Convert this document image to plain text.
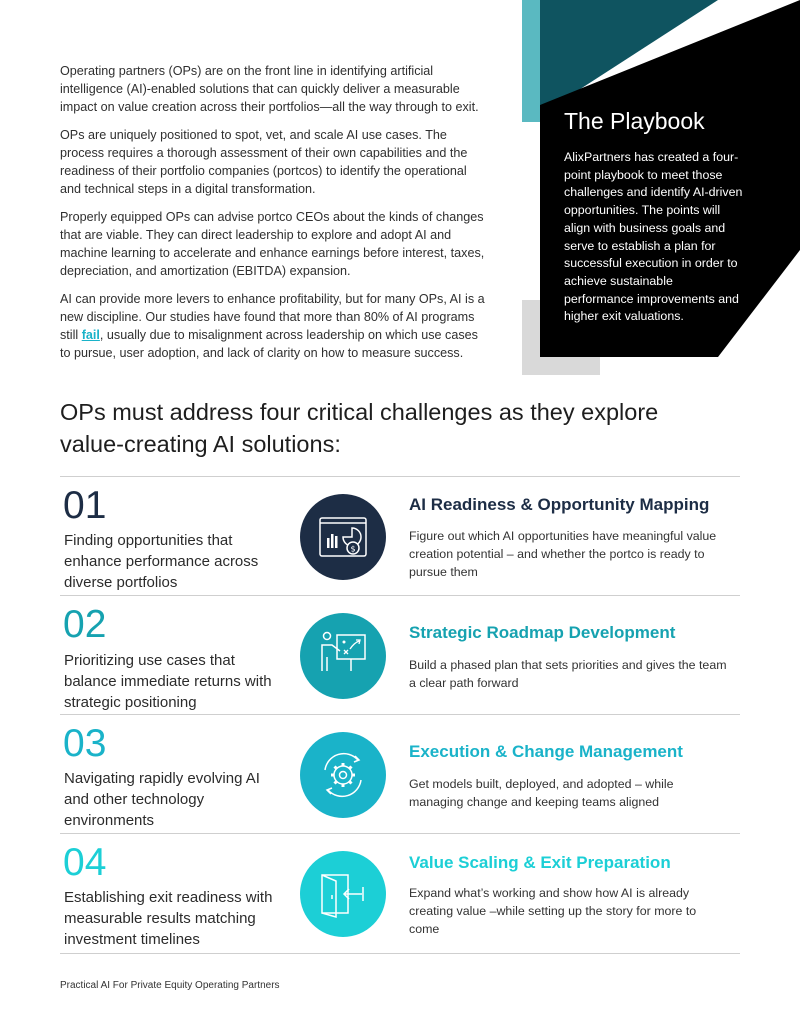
Operating partners (OPs) are on the front line in identifying artificial intelligence (AI)-enabled solutions that can quickly deliver a measurable impact on value creation across their portfolios—all the way through to exit.

OPs are uniquely positioned to spot, vet, and scale AI use cases. The process requires a thorough assessment of their own capabilities and the readiness of their portfolio companies (portcos) to identify the operational and technical steps in a digital transformation.

Properly equipped OPs can advise portco CEOs about the kinds of changes that are viable. They can direct leadership to explore and adopt AI and machine learning to accelerate and enhance earnings before interest, taxes, depreciation, and amortization (EBITDA) expansion.

AI can provide more levers to enhance profitability, but for many OPs, AI is a new discipline. Our studies have found that more than 80% of AI programs still fail, usually due to misalignment across leadership on which use cases to pursue, user adoption, and lack of clarity on how to measure success.

The Playbook
AlixPartners has created a four-point playbook to meet those challenges and identify AI-driven opportunities. The points will align with business goals and serve to establish a plan for successful execution in order to achieve sustainable performance improvements and higher exit valuations.
OPs must address four critical challenges as they explore value-creating AI solutions:
01
Finding opportunities that enhance performance across diverse portfolios
$
AI Readiness & Opportunity Mapping
Figure out which AI opportunities have meaningful value creation potential – and whether the portco is ready to pursue them
02
Prioritizing use cases that balance immediate returns with strategic positioning
Strategic Roadmap Development
Build a phased plan that sets priorities and gives the team a clear path forward
03
Navigating rapidly evolving AI and other technology environments
Execution & Change Management
Get models built, deployed, and adopted – while managing change and keeping teams aligned
04
Establishing exit readiness with measurable results matching investment timelines
Value Scaling & Exit Preparation
Expand what’s working and show how AI is already creating value –while setting up the story for more to come
Practical AI For Private Equity Operating Partners
